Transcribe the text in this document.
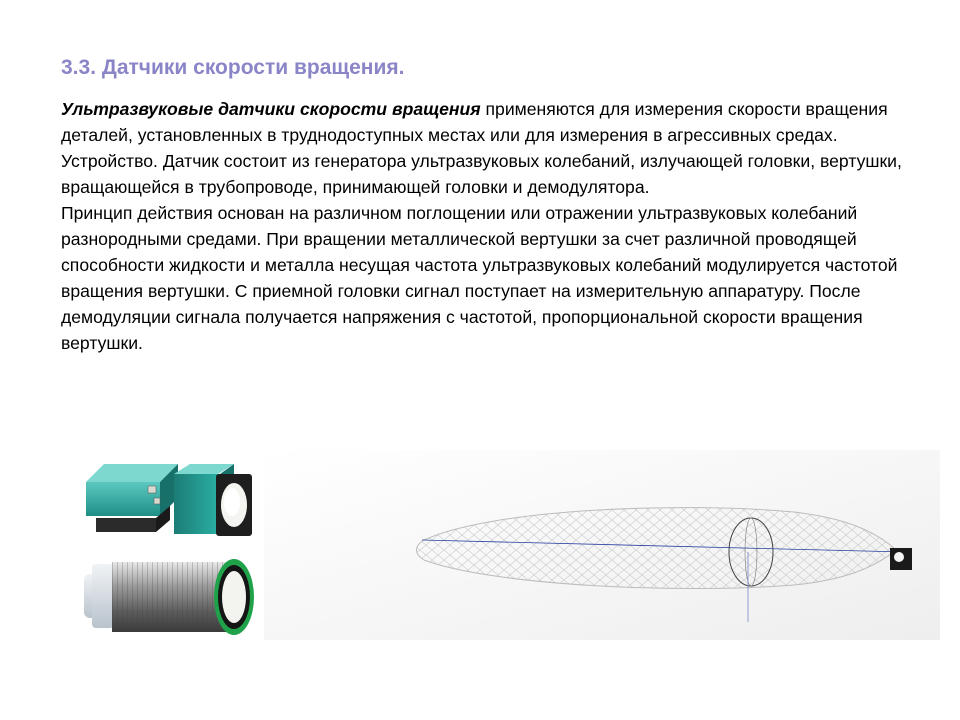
3.3. Датчики скорости вращения.

Ультразвуковые датчики скорости вращения применяются для измерения скорости вращения деталей, установленных в труднодоступных местах или для измерения в агрессивных средах.

Устройство. Датчик состоит из генератора ультразвуковых колебаний, излучающей головки, вертушки, вращающейся в трубопроводе, принимающей головки и демодулятора.

Принцип действия основан на различном поглощении или отражении ультразвуковых колебаний разнородными средами. При вращении металлической вертушки за счет различной проводящей способности жидкости и металла несущая частота ультразвуковых колебаний модулируется частотой вращения вертушки. С приемной головки сигнал поступает на измерительную аппаратуру. После демодуляции сигнала получается напряжения с частотой, пропорциональной скорости вращения вертушки.
